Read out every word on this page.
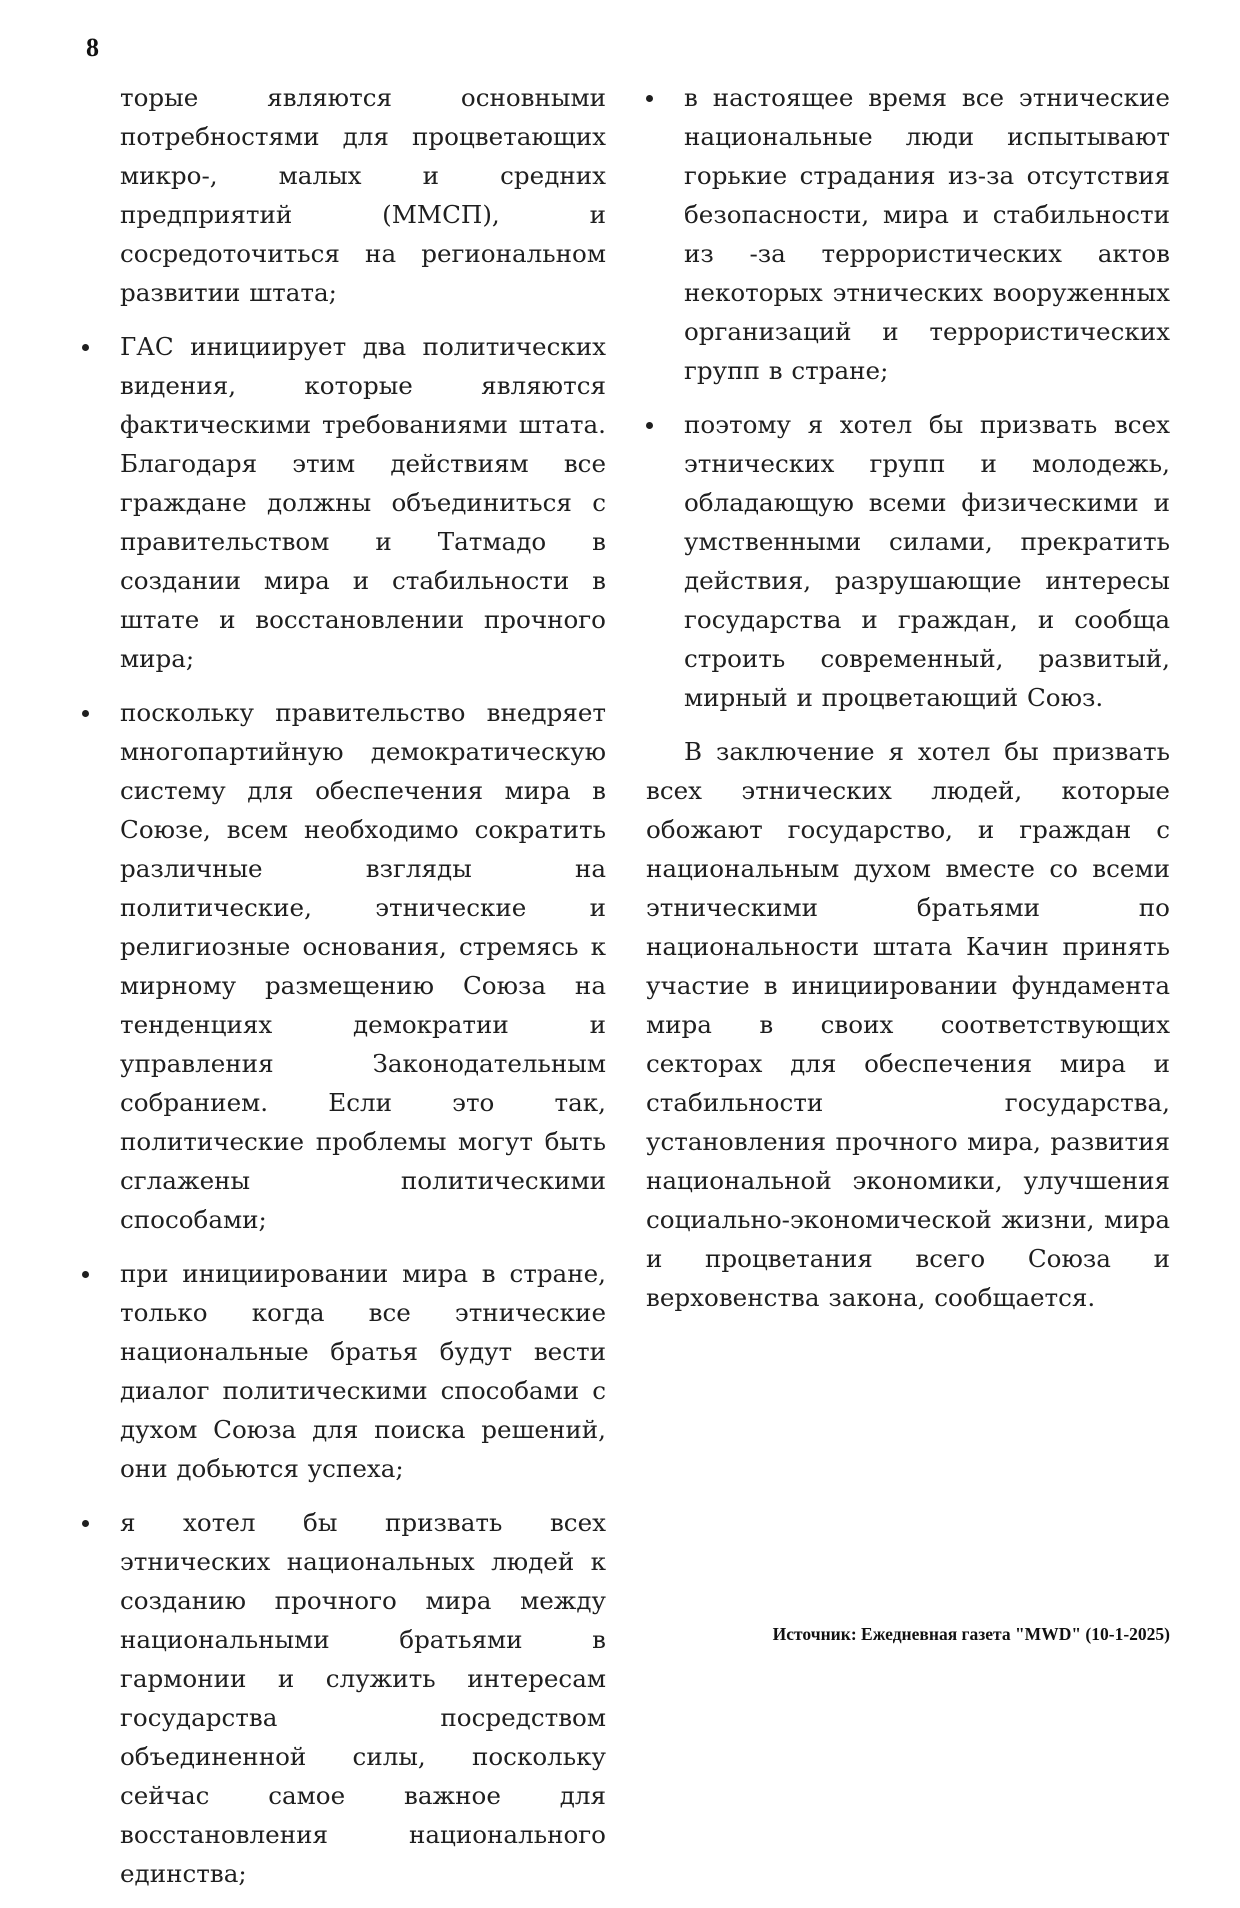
8

торые являются основными потребностями для процветающих микро-, малых и средних предприятий (ММСП), и сосредоточиться на региональном развитии штата;

ГАС инициирует два политических видения, которые являются фактическими требованиями штата. Благодаря этим действиям все граждане должны объединиться с правительством и Татмадо в создании мира и стабильности в штате и восстановлении прочного мира;

поскольку правительство внедряет многопартийную демократическую систему для обеспечения мира в Союзе, всем необходимо сократить различные взгляды на политические, этнические и религиозные основания, стремясь к мирному размещению Союза на тенденциях демократии и управления Законодательным собранием. Если это так, политические проблемы могут быть сглажены политическими способами;

при инициировании мира в стране, только когда все этнические национальные братья будут вести диалог политическими способами с духом Союза для поиска решений, они добьются успеха;

я хотел бы призвать всех этнических национальных людей к созданию прочного мира между национальными братьями в гармонии и служить интересам государства посредством объединенной силы, поскольку сейчас самое важное для восстановления национального единства;

в настоящее время все этнические национальные люди испытывают горькие страдания из-за отсутствия безопасности, мира и стабильности из -за террористических актов некоторых этнических вооруженных организаций и террористических групп в стране;

поэтому я хотел бы призвать всех этнических групп и молодежь, обладающую всеми физическими и умственными силами, прекратить действия, разрушающие интересы государства и граждан, и сообща строить современный, развитый, мирный и процветающий Союз.

В заключение я хотел бы призвать всех этнических людей, которые обожают государство, и граждан с национальным духом вместе со всеми этническими братьями по национальности штата Качин принять участие в инициировании фундамента мира в своих соответствующих секторах для обеспечения мира и стабильности государства, установления прочного мира, развития национальной экономики, улучшения социально-экономической жизни, мира и процветания всего Союза и верховенства закона, сообщается.

Источник: Ежедневная газета "MWD" (10-1-2025)
